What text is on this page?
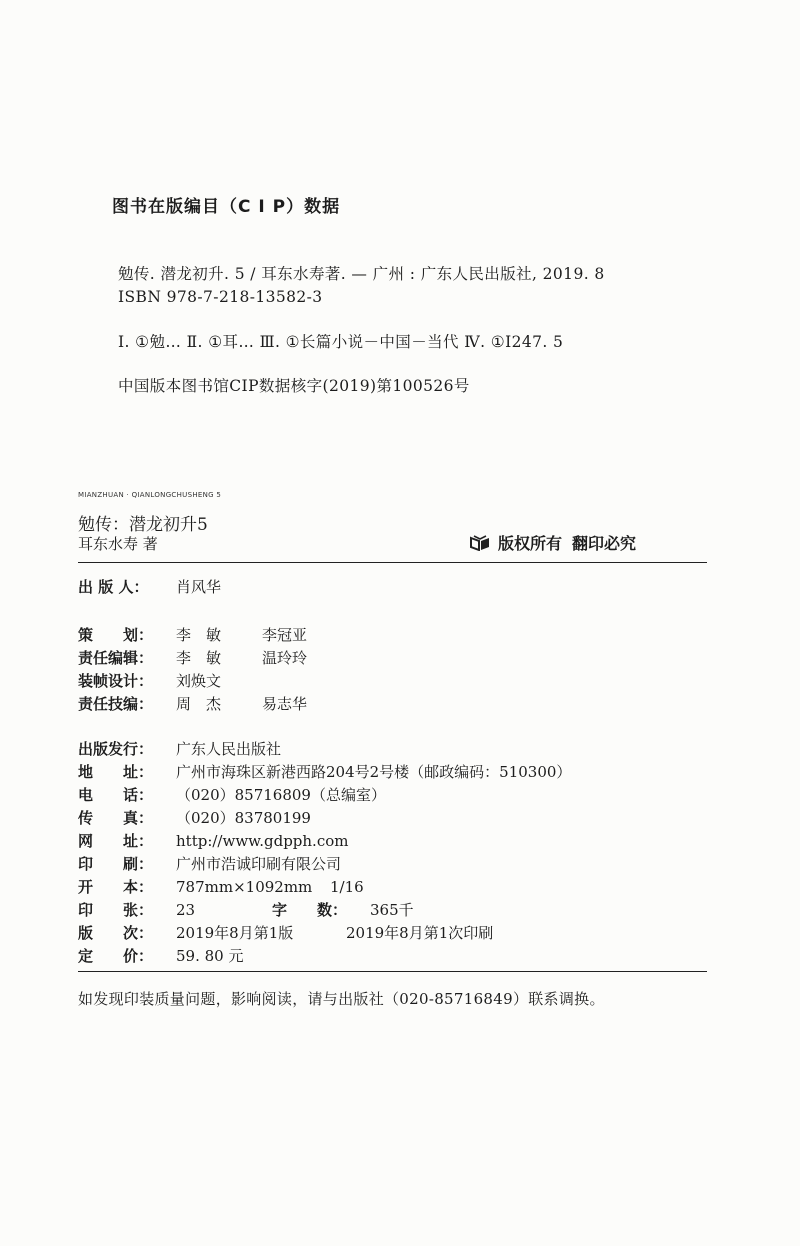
图书在版编目（C I P）数据
勉传. 潜龙初升. 5 / 耳东水寿著. — 广州 : 广东人民出版社, 2019. 8
ISBN 978-7-218-13582-3
Ⅰ. ①勉… Ⅱ. ①耳… Ⅲ. ①长篇小说－中国－当代 Ⅳ. ①I247. 5
中国版本图书馆CIP数据核字(2019)第100526号
MIANZHUAN · QIANLONGCHUSHENG 5
勉传：潜龙初升5
耳东水寿 著	版权所有 翻印必究
出 版 人：	肖风华
策　　划：	李　敏	李冠亚
责任编辑：	李　敏	温玲玲
装帧设计：	刘焕文
责任技编：	周　杰	易志华
出版发行：	广东人民出版社
地　　址：	广州市海珠区新港西路204号2号楼（邮政编码：510300）
电　　话：	（020）85716809（总编室）
传　　真：	（020）83780199
网　　址：	http://www.gdpph.com
印　　刷：	广州市浩诚印刷有限公司
开　　本：	787mm×1092mm	1/16
印　　张：	23	字　　数：	365千
版　　次：	2019年8月第1版	2019年8月第1次印刷
定　　价：	59. 80 元
如发现印装质量问题，影响阅读，请与出版社（020-85716849）联系调换。
